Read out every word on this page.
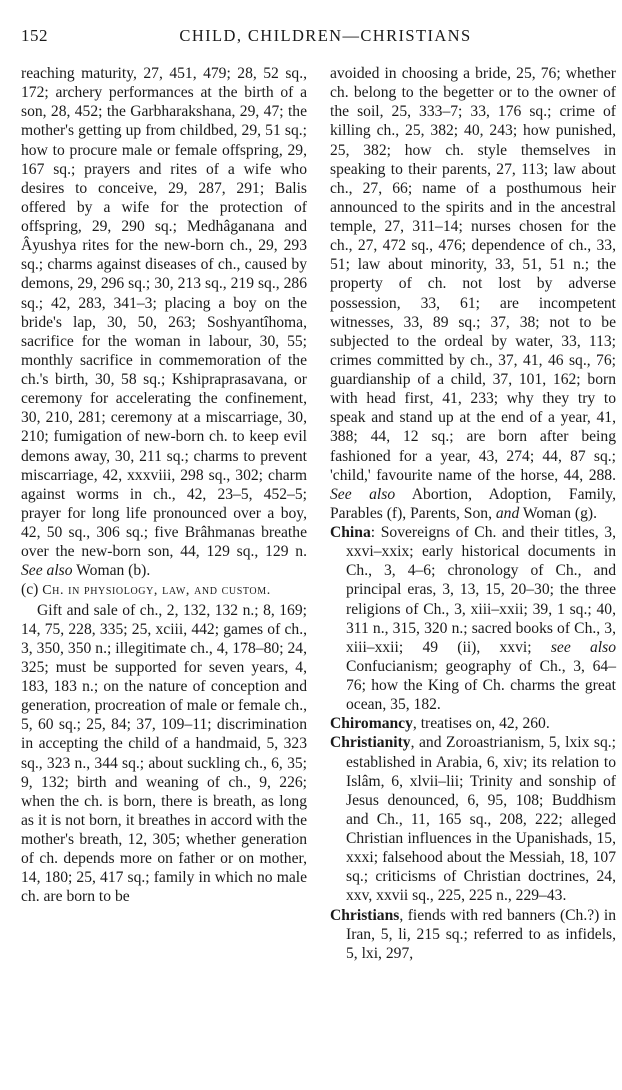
152	CHILD, CHILDREN—CHRISTIANS

reaching maturity, 27, 451, 479; 28, 52 sq., 172; archery performances at the birth of a son, 28, 452; the Garbharakshana, 29, 47; the mother's getting up from childbed, 29, 51 sq.; how to procure male or female offspring, 29, 167 sq.; prayers and rites of a wife who desires to conceive, 29, 287, 291; Balis offered by a wife for the protection of offspring, 29, 290 sq.; Medhâganana and Âyushya rites for the new-born ch., 29, 293 sq.; charms against diseases of ch., caused by demons, 29, 296 sq.; 30, 213 sq., 219 sq., 286 sq.; 42, 283, 341–3; placing a boy on the bride's lap, 30, 50, 263; Soshyantîhoma, sacrifice for the woman in labour, 30, 55; monthly sacrifice in commemoration of the ch.'s birth, 30, 58 sq.; Kshipraprasavana, or ceremony for accelerating the confinement, 30, 210, 281; ceremony at a miscarriage, 30, 210; fumigation of new-born ch. to keep evil demons away, 30, 211 sq.; charms to prevent miscarriage, 42, xxxviii, 298 sq., 302; charm against worms in ch., 42, 23–5, 452–5; prayer for long life pronounced over a boy, 42, 50 sq., 306 sq.; five Brâhmanas breathe over the new-born son, 44, 129 sq., 129 n. See also Woman (b).

(c) Ch. in physiology, law, and custom.

Gift and sale of ch., 2, 132, 132 n.; 8, 169; 14, 75, 228, 335; 25, xciii, 442; games of ch., 3, 350, 350 n.; illegitimate ch., 4, 178–80; 24, 325; must be supported for seven years, 4, 183, 183 n.; on the nature of conception and generation, procreation of male or female ch., 5, 60 sq.; 25, 84; 37, 109–11; discrimination in accepting the child of a handmaid, 5, 323 sq., 323 n., 344 sq.; about suckling ch., 6, 35; 9, 132; birth and weaning of ch., 9, 226; when the ch. is born, there is breath, as long as it is not born, it breathes in accord with the mother's breath, 12, 305; whether generation of ch. depends more on father or on mother, 14, 180; 25, 417 sq.; family in which no male ch. are born to be

avoided in choosing a bride, 25, 76; whether ch. belong to the begetter or to the owner of the soil, 25, 333–7; 33, 176 sq.; crime of killing ch., 25, 382; 40, 243; how punished, 25, 382; how ch. style themselves in speaking to their parents, 27, 113; law about ch., 27, 66; name of a posthumous heir announced to the spirits and in the ancestral temple, 27, 311–14; nurses chosen for the ch., 27, 472 sq., 476; dependence of ch., 33, 51; law about minority, 33, 51, 51 n.; the property of ch. not lost by adverse possession, 33, 61; are incompetent witnesses, 33, 89 sq.; 37, 38; not to be subjected to the ordeal by water, 33, 113; crimes committed by ch., 37, 41, 46 sq., 76; guardianship of a child, 37, 101, 162; born with head first, 41, 233; why they try to speak and stand up at the end of a year, 41, 388; 44, 12 sq.; are born after being fashioned for a year, 43, 274; 44, 87 sq.; 'child,' favourite name of the horse, 44, 288. See also Abortion, Adoption, Family, Parables (f), Parents, Son, and Woman (g).

China: Sovereigns of Ch. and their titles, 3, xxvi–xxix; early historical documents in Ch., 3, 4–6; chronology of Ch., and principal eras, 3, 13, 15, 20–30; the three religions of Ch., 3, xiii–xxii; 39, 1 sq.; 40, 311 n., 315, 320 n.; sacred books of Ch., 3, xiii–xxii; 49 (ii), xxvi; see also Confucianism; geography of Ch., 3, 64–76; how the King of Ch. charms the great ocean, 35, 182.

Chiromancy, treatises on, 42, 260.

Christianity, and Zoroastrianism, 5, lxix sq.; established in Arabia, 6, xiv; its relation to Islâm, 6, xlvii–lii; Trinity and sonship of Jesus denounced, 6, 95, 108; Buddhism and Ch., 11, 165 sq., 208, 222; alleged Christian influences in the Upanishads, 15, xxxi; falsehood about the Messiah, 18, 107 sq.; criticisms of Christian doctrines, 24, xxv, xxvii sq., 225, 225 n., 229–43.

Christians, fiends with red banners (Ch.?) in Iran, 5, li, 215 sq.; referred to as infidels, 5, lxi, 297,
